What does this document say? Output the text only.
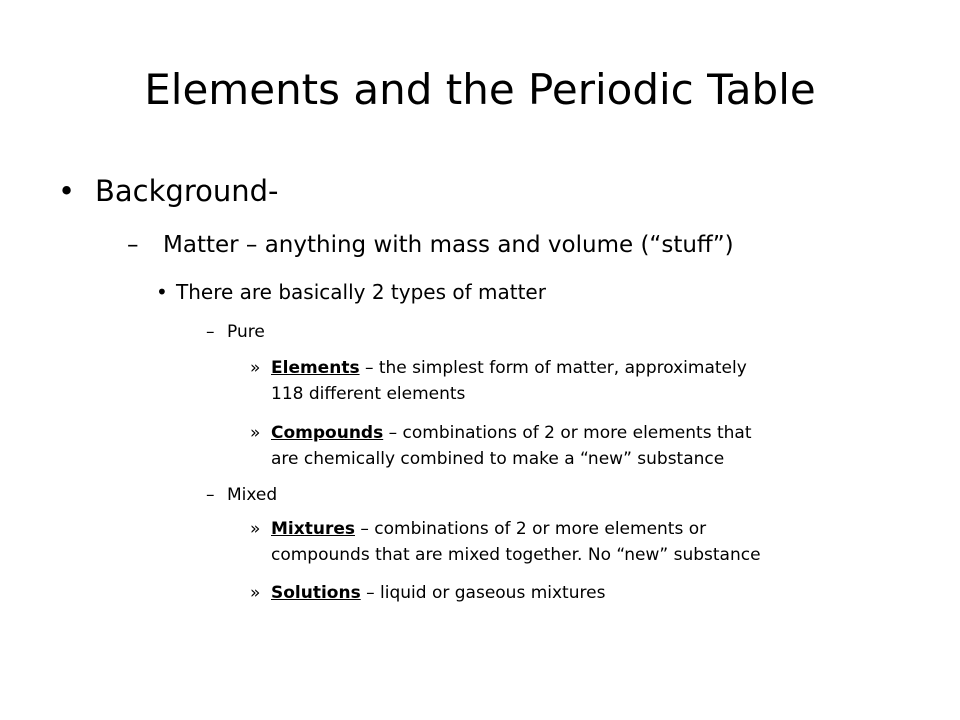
Elements and the Periodic Table
• Background-
– Matter – anything with mass and volume (“stuff”)
• There are basically 2 types of matter
– Pure
» Elements – the simplest form of matter, approximately
118 different elements
» Compounds – combinations of 2 or more elements that
are chemically combined to make a “new” substance
– Mixed
» Mixtures – combinations of 2 or more elements or
compounds that are mixed together. No “new” substance
» Solutions – liquid or gaseous mixtures
